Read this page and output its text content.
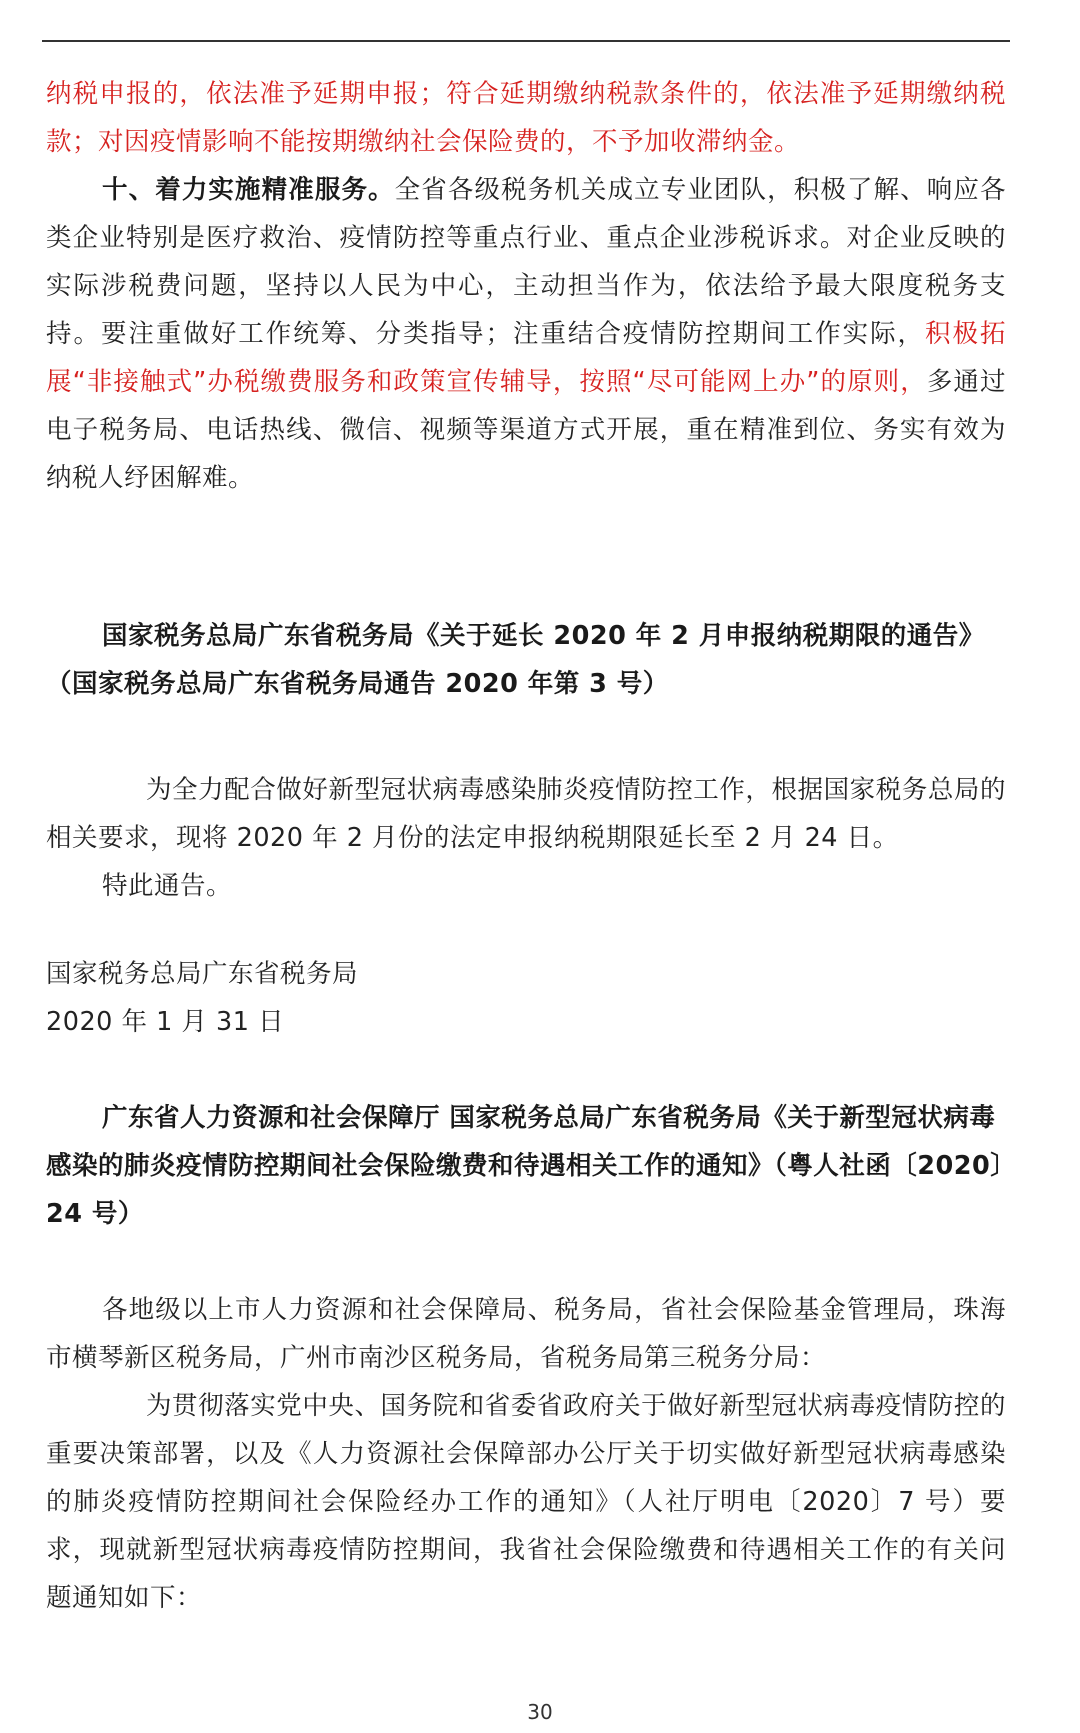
纳税申报的，依法准予延期申报；符合延期缴纳税款条件的，依法准予延期缴纳税款；对因疫情影响不能按期缴纳社会保险费的，不予加收滞纳金。

十、着力实施精准服务。全省各级税务机关成立专业团队，积极了解、响应各类企业特别是医疗救治、疫情防控等重点行业、重点企业涉税诉求。对企业反映的实际涉税费问题，坚持以人民为中心，主动担当作为，依法给予最大限度税务支持。要注重做好工作统筹、分类指导；注重结合疫情防控期间工作实际，积极拓展“非接触式”办税缴费服务和政策宣传辅导，按照“尽可能网上办”的原则，多通过电子税务局、电话热线、微信、视频等渠道方式开展，重在精准到位、务实有效为纳税人纾困解难。

国家税务总局广东省税务局《关于延长 2020 年 2 月申报纳税期限的通告》（国家税务总局广东省税务局通告 2020 年第 3 号）

为全力配合做好新型冠状病毒感染肺炎疫情防控工作，根据国家税务总局的相关要求，现将 2020 年 2 月份的法定申报纳税期限延长至 2 月 24 日。

特此通告。

国家税务总局广东省税务局

2020 年 1 月 31 日

广东省人力资源和社会保障厅 国家税务总局广东省税务局《关于新型冠状病毒感染的肺炎疫情防控期间社会保险缴费和待遇相关工作的通知》（粤人社函〔2020〕24 号）

各地级以上市人力资源和社会保障局、税务局，省社会保险基金管理局，珠海市横琴新区税务局，广州市南沙区税务局，省税务局第三税务分局：

为贯彻落实党中央、国务院和省委省政府关于做好新型冠状病毒疫情防控的重要决策部署，以及《人力资源社会保障部办公厅关于切实做好新型冠状病毒感染的肺炎疫情防控期间社会保险经办工作的通知》（人社厅明电〔2020〕7 号）要求，现就新型冠状病毒疫情防控期间，我省社会保险缴费和待遇相关工作的有关问题通知如下：

30
